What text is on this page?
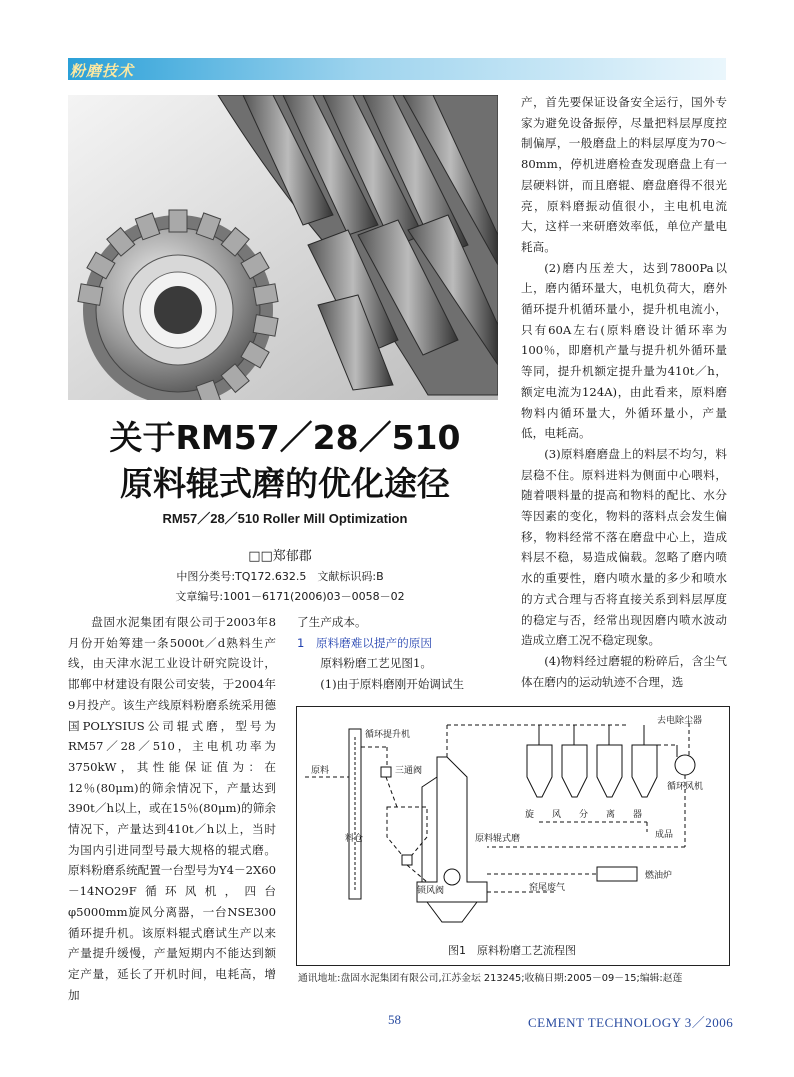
粉磨技术
关于RM57／28／510
原料辊式磨的优化途径
RM57／28／510 Roller Mill Optimization
□□郑郁郡
中图分类号:TQ172.632.5　文献标识码:B
文章编号:1001－6171(2006)03－0058－02

盘固水泥集团有限公司于2003年8月份开始筹建一条5000t／d熟料生产线，由天津水泥工业设计研究院设计，邯郸中材建设有限公司安装，于2004年9月投产。该生产线原料粉磨系统采用德国POLYSIUS公司辊式磨，型号为RM57／28／510，主电机功率为3750kW，其性能保证值为：在12％(80μm)的筛余情况下，产量达到390t／h以上，或在15％(80μm)的筛余情况下，产量达到410t／h以上，当时为国内引进同型号最大规格的辊式磨。原料粉磨系统配置一台型号为Y4－2X60－14NO29F循环风机，四台φ5000mm旋风分离器，一台NSE300循环提升机。该原料辊式磨试生产以来产量提升缓慢，产量短期内不能达到额定产量，延长了开机时间，电耗高，增加

了生产成本。

1　原料磨难以提产的原因

原料粉磨工艺见图1。

(1)由于原料磨刚开始调试生

产，首先要保证设备安全运行，国外专家为避免设备振停，尽量把料层厚度控制偏厚，一般磨盘上的料层厚度为70～80mm，停机进磨检查发现磨盘上有一层硬料饼，而且磨辊、磨盘磨得不很光亮，原料磨振动值很小，主电机电流大，这样一来研磨效率低，单位产量电耗高。

(2)磨内压差大，达到7800Pa以上，磨内循环量大，电机负荷大，磨外循环提升机循环量小，提升机电流小，只有60A左右(原料磨设计循环率为100％，即磨机产量与提升机外循环量等同，提升机额定提升量为410t／h，额定电流为124A)，由此看来，原料磨物料内循环量大，外循环量小，产量低，电耗高。

(3)原料磨磨盘上的料层不均匀，料层稳不住。原料进料为侧面中心喂料，随着喂料量的提高和物料的配比、水分等因素的变化，物料的落料点会发生偏移，物料经常不落在磨盘中心上，造成料层不稳，易造成偏载。忽略了磨内喷水的重要性，磨内喷水量的多少和喷水的方式合理与否将直接关系到料层厚度的稳定与否，经常出现因磨内喷水波动造成立磨工况不稳定现象。

(4)物料经过磨辊的粉碎后，含尘气体在磨内的运动轨迹不合理，选

循环提升机
三通阀
原料
料仓	原料辊式磨
锁风阀
旋 风 分 离 器
去电除尘器
循环风机
成品
燃油炉
窑尾废气
图1　原料粉磨工艺流程图
通讯地址:盘固水泥集团有限公司,江苏金坛 213245;收稿日期:2005－09－15;编辑:赵莲
58	CEMENT TECHNOLOGY 3／2006
